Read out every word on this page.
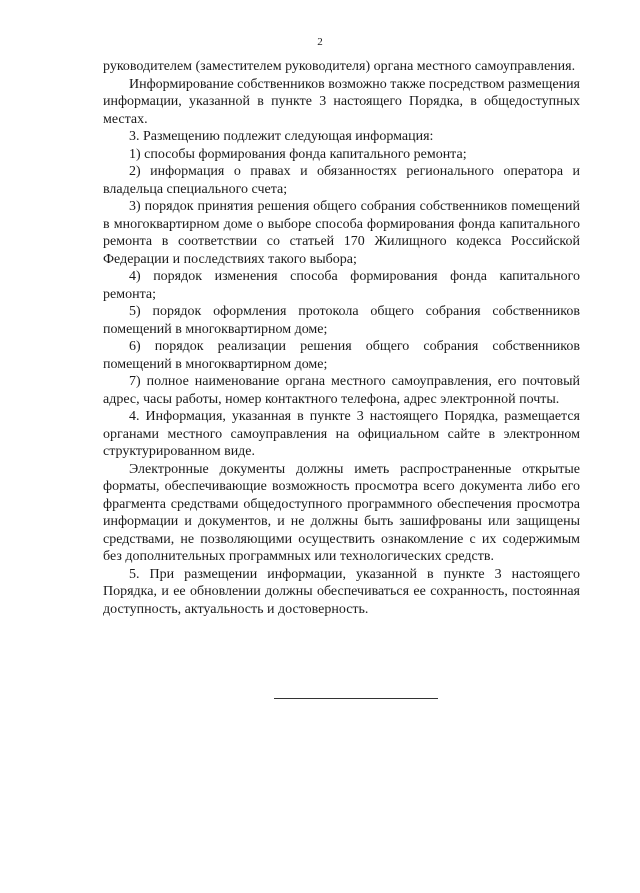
2

руководителем (заместителем руководителя) органа местного самоуправления.

Информирование собственников возможно также посредством размещения информации, указанной в пункте 3 настоящего Порядка, в общедоступных местах.

3. Размещению подлежит следующая информация:

1) способы формирования фонда капитального ремонта;

2) информация о правах и обязанностях регионального оператора и владельца специального счета;

3) порядок принятия решения общего собрания собственников помещений в многоквартирном доме о выборе способа формирования фонда капитального ремонта в соответствии со статьей 170 Жилищного кодекса Российской Федерации и последствиях такого выбора;

4) порядок изменения способа формирования фонда капитального ремонта;

5) порядок оформления протокола общего собрания собственников помещений в многоквартирном доме;

6) порядок реализации решения общего собрания собственников помещений в многоквартирном доме;

7) полное наименование органа местного самоуправления, его почтовый адрес, часы работы, номер контактного телефона, адрес электронной почты.

4. Информация, указанная в пункте 3 настоящего Порядка, размещается органами местного самоуправления на официальном сайте в электронном структурированном виде.

Электронные документы должны иметь распространенные открытые форматы, обеспечивающие возможность просмотра всего документа либо его фрагмента средствами общедоступного программного обеспечения просмотра информации и документов, и не должны быть зашифрованы или защищены средствами, не позволяющими осуществить ознакомление с их содержимым без дополнительных программных или технологических средств.

5. При размещении информации, указанной в пункте 3 настоящего Порядка, и ее обновлении должны обеспечиваться ее сохранность, постоянная доступность, актуальность и достоверность.
